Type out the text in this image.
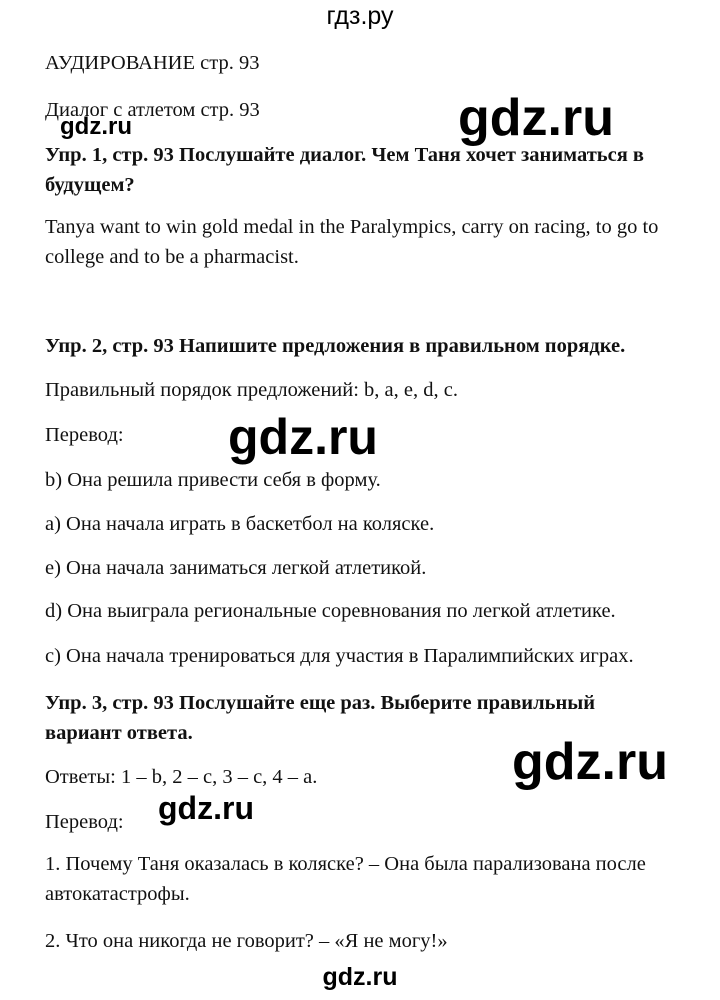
гдз.ру
gdz.ru
gdz.ru
gdz.ru
gdz.ru
gdz.ru
АУДИРОВАНИЕ стр. 93
Диалог с атлетом стр. 93
Упр. 1, стр. 93 Послушайте диалог. Чем Таня хочет заниматься в будущем?
Tanya want to win gold medal in the Paralympics, carry on racing, to go to college and to be a pharmacist.
Упр. 2, стр. 93 Напишите предложения в правильном порядке.
Правильный порядок предложений: b, a, e, d, c.
Перевод:
b) Она решила привести себя в форму.
a) Она начала играть в баскетбол на коляске.
e) Она начала заниматься легкой атлетикой.
d) Она выиграла региональные соревнования по легкой атлетике.
c) Она начала тренироваться для участия в Паралимпийских играх.
Упр. 3, стр. 93 Послушайте еще раз. Выберите правильный вариант ответа.
Ответы: 1 – b, 2 – c, 3 – c, 4 – a.
Перевод:
1. Почему Таня оказалась в коляске? – Она была парализована после автокатастрофы.
2. Что она никогда не говорит? – «Я не могу!»
gdz.ru
